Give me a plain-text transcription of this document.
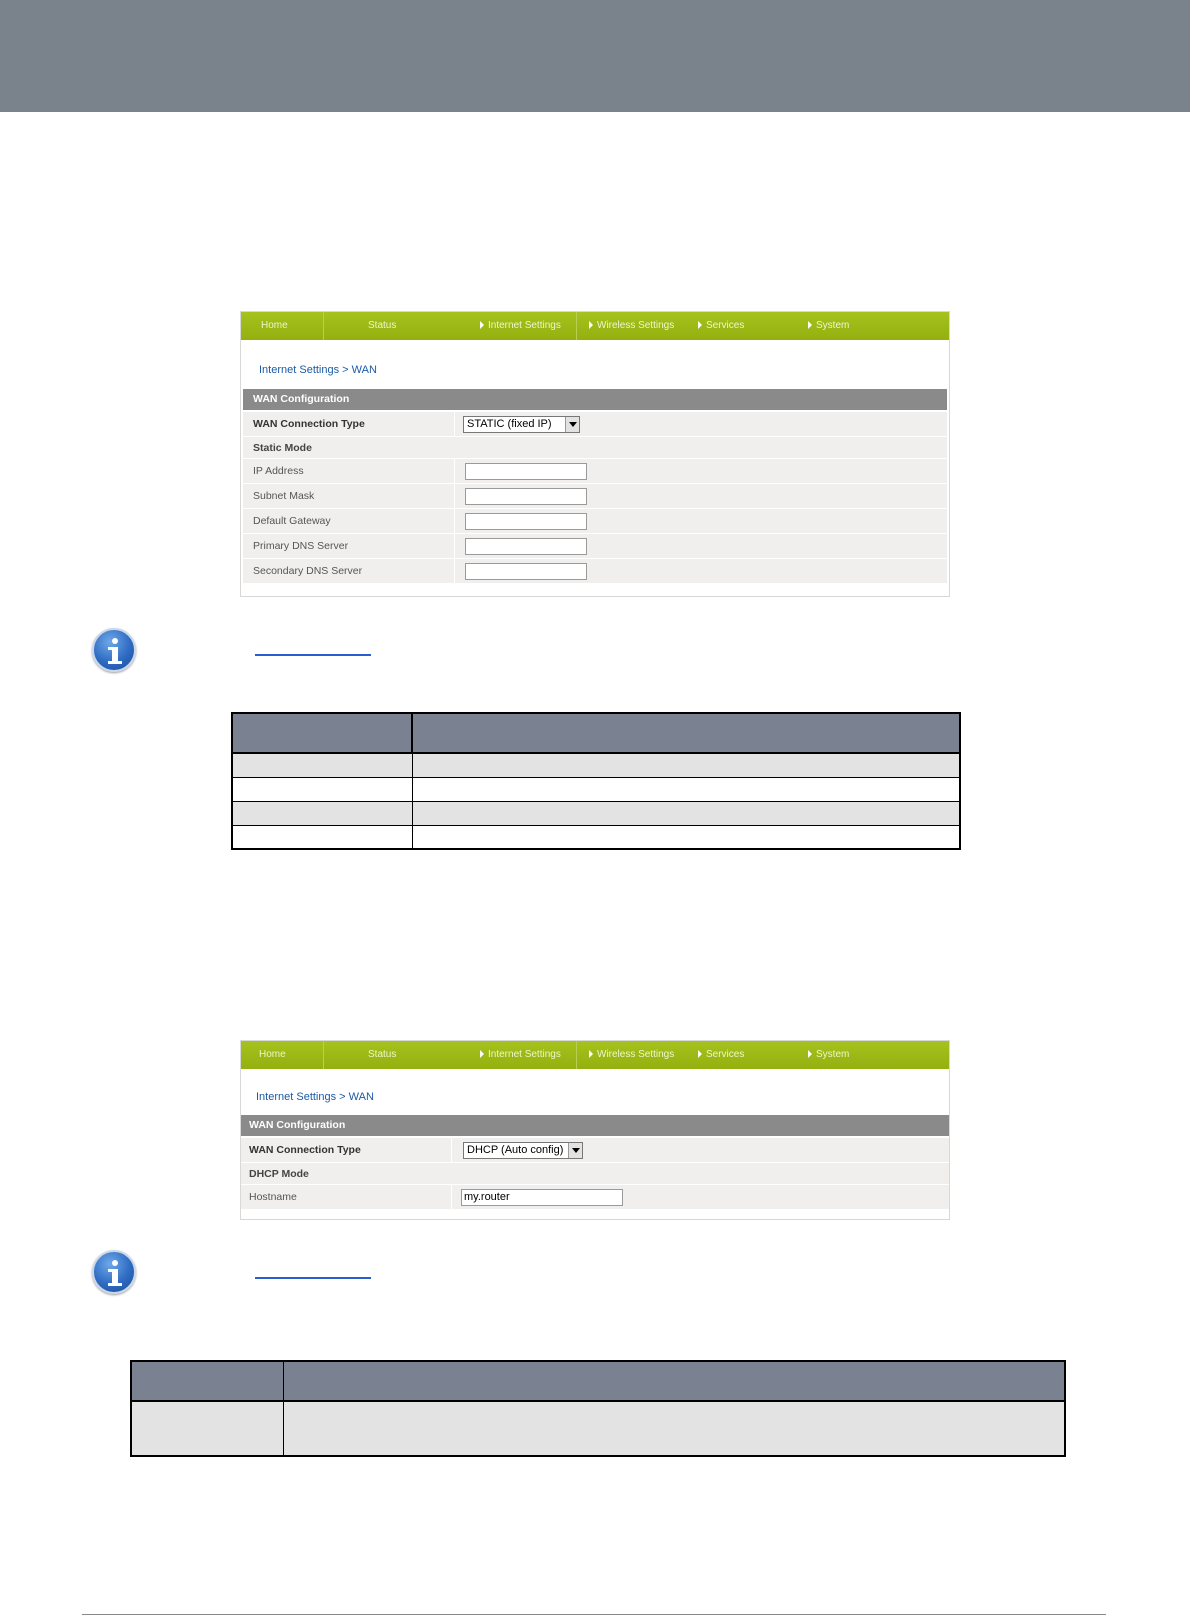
Home	Status	Internet Settings	Wireless Settings	Services	System
Internet Settings > WAN
WAN Configuration
WAN Connection Type	STATIC (fixed IP)
Static Mode
IP Address
Subnet Mask
Default Gateway
Primary DNS Server
Secondary DNS Server

Home	Status	Internet Settings	Wireless Settings	Services	System
Internet Settings > WAN
WAN Configuration
WAN Connection Type	DHCP (Auto config)
DHCP Mode
Hostname	my.router
